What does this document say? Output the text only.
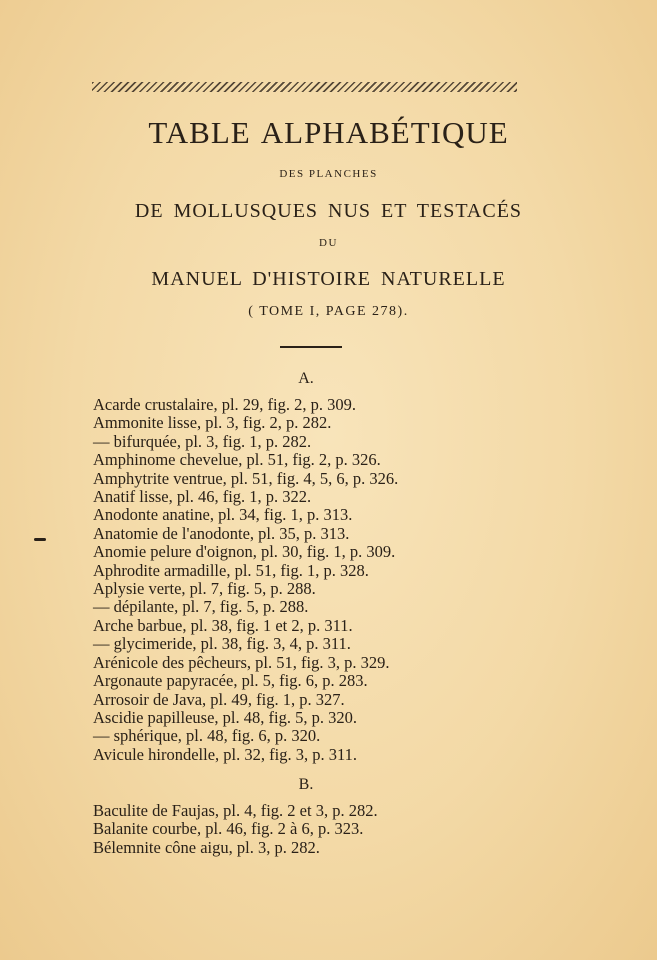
TABLE ALPHABÉTIQUE
DES PLANCHES
DE MOLLUSQUES NUS ET TESTACÉS
DU
MANUEL D'HISTOIRE NATURELLE
( TOME I, PAGE 278).
A.
Acarde crustalaire, pl. 29, fig. 2, p. 309.
Ammonite lisse, pl. 3, fig. 2, p. 282.
— bifurquée, pl. 3, fig. 1, p. 282.
Amphinome chevelue, pl. 51, fig. 2, p. 326.
Amphytrite ventrue, pl. 51, fig. 4, 5, 6, p. 326.
Anatif lisse, pl. 46, fig. 1, p. 322.
Anodonte anatine, pl. 34, fig. 1, p. 313.
Anatomie de l'anodonte, pl. 35, p. 313.
Anomie pelure d'oignon, pl. 30, fig. 1, p. 309.
Aphrodite armadille, pl. 51, fig. 1, p. 328.
Aplysie verte, pl. 7, fig. 5, p. 288.
— dépilante, pl. 7, fig. 5, p. 288.
Arche barbue, pl. 38, fig. 1 et 2, p. 311.
— glycimeride, pl. 38, fig. 3, 4, p. 311.
Arénicole des pêcheurs, pl. 51, fig. 3, p. 329.
Argonaute papyracée, pl. 5, fig. 6, p. 283.
Arrosoir de Java, pl. 49, fig. 1, p. 327.
Ascidie papilleuse, pl. 48, fig. 5, p. 320.
— sphérique, pl. 48, fig. 6, p. 320.
Avicule hirondelle, pl. 32, fig. 3, p. 311.
B.
Baculite de Faujas, pl. 4, fig. 2 et 3, p. 282.
Balanite courbe, pl. 46, fig. 2 à 6, p. 323.
Bélemnite cône aigu, pl. 3, p. 282.
